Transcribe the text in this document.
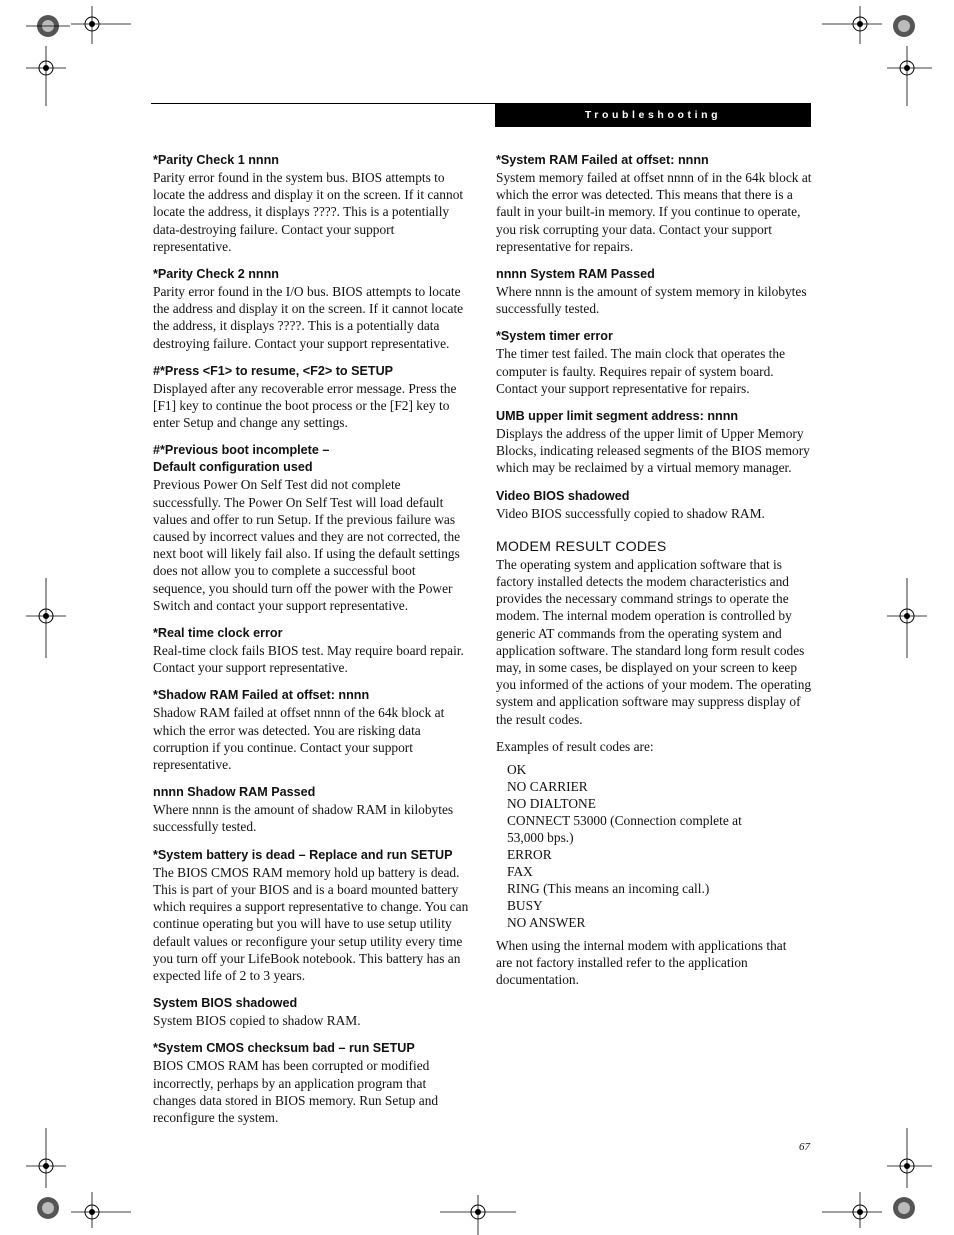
Troubleshooting
*Parity Check 1 nnnn
Parity error found in the system bus. BIOS attempts to locate the address and display it on the screen. If it cannot locate the address, it displays ????. This is a potentially data-destroying failure. Contact your support representative.
*Parity Check 2 nnnn
Parity error found in the I/O bus. BIOS attempts to locate the address and display it on the screen. If it cannot locate the address, it displays ????. This is a potentially data destroying failure. Contact your support representative.
#*Press <F1> to resume, <F2> to SETUP
Displayed after any recoverable error message. Press the [F1] key to continue the boot process or the [F2] key to enter Setup and change any settings.
#*Previous boot incomplete – Default configuration used
Previous Power On Self Test did not complete successfully. The Power On Self Test will load default values and offer to run Setup. If the previous failure was caused by incorrect values and they are not corrected, the next boot will likely fail also. If using the default settings does not allow you to complete a successful boot sequence, you should turn off the power with the Power Switch and contact your support representative.
*Real time clock error
Real-time clock fails BIOS test. May require board repair. Contact your support representative.
*Shadow RAM Failed at offset: nnnn
Shadow RAM failed at offset nnnn of the 64k block at which the error was detected. You are risking data corruption if you continue. Contact your support representative.
nnnn Shadow RAM Passed
Where nnnn is the amount of shadow RAM in kilobytes successfully tested.
*System battery is dead – Replace and run SETUP
The BIOS CMOS RAM memory hold up battery is dead. This is part of your BIOS and is a board mounted battery which requires a support representative to change. You can continue operating but you will have to use setup utility default values or reconfigure your setup utility every time you turn off your LifeBook notebook. This battery has an expected life of 2 to 3 years.
System BIOS shadowed
System BIOS copied to shadow RAM.
*System CMOS checksum bad – run SETUP
BIOS CMOS RAM has been corrupted or modified incorrectly, perhaps by an application program that changes data stored in BIOS memory. Run Setup and reconfigure the system.
*System RAM Failed at offset: nnnn
System memory failed at offset nnnn of in the 64k block at which the error was detected. This means that there is a fault in your built-in memory. If you continue to operate, you risk corrupting your data. Contact your support representative for repairs.
nnnn System RAM Passed
Where nnnn is the amount of system memory in kilobytes successfully tested.
*System timer error
The timer test failed. The main clock that operates the computer is faulty. Requires repair of system board. Contact your support representative for repairs.
UMB upper limit segment address: nnnn
Displays the address of the upper limit of Upper Memory Blocks, indicating released segments of the BIOS memory which may be reclaimed by a virtual memory manager.
Video BIOS shadowed
Video BIOS successfully copied to shadow RAM.
MODEM RESULT CODES
The operating system and application software that is factory installed detects the modem characteristics and provides the necessary command strings to operate the modem. The internal modem operation is controlled by generic AT commands from the operating system and application software. The standard long form result codes may, in some cases, be displayed on your screen to keep you informed of the actions of your modem. The operating system and application software may suppress display of the result codes.
Examples of result codes are:
OK
NO CARRIER
NO DIALTONE
CONNECT 53000 (Connection complete at 53,000 bps.)
ERROR
FAX
RING (This means an incoming call.)
BUSY
NO ANSWER
When using the internal modem with applications that are not factory installed refer to the application documentation.
67
